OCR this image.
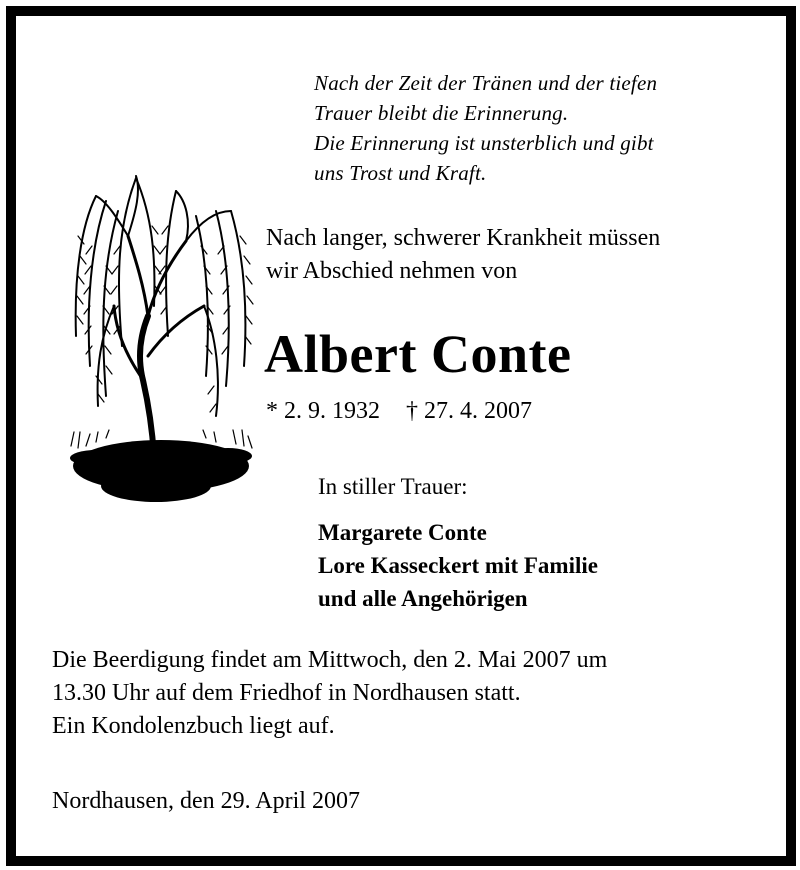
Nach der Zeit der Tränen und der tiefen
Trauer bleibt die Erinnerung.
Die Erinnerung ist unsterblich und gibt
uns Trost und Kraft.
Nach langer, schwerer Krankheit müssen
wir Abschied nehmen von
Albert Conte
* 2. 9. 1932 † 27. 4. 2007
In stiller Trauer:
Margarete Conte
Lore Kasseckert mit Familie
und alle Angehörigen
Die Beerdigung findet am Mittwoch, den 2. Mai 2007 um
13.30 Uhr auf dem Friedhof in Nordhausen statt.
Ein Kondolenzbuch liegt auf.
Nordhausen, den 29. April 2007
